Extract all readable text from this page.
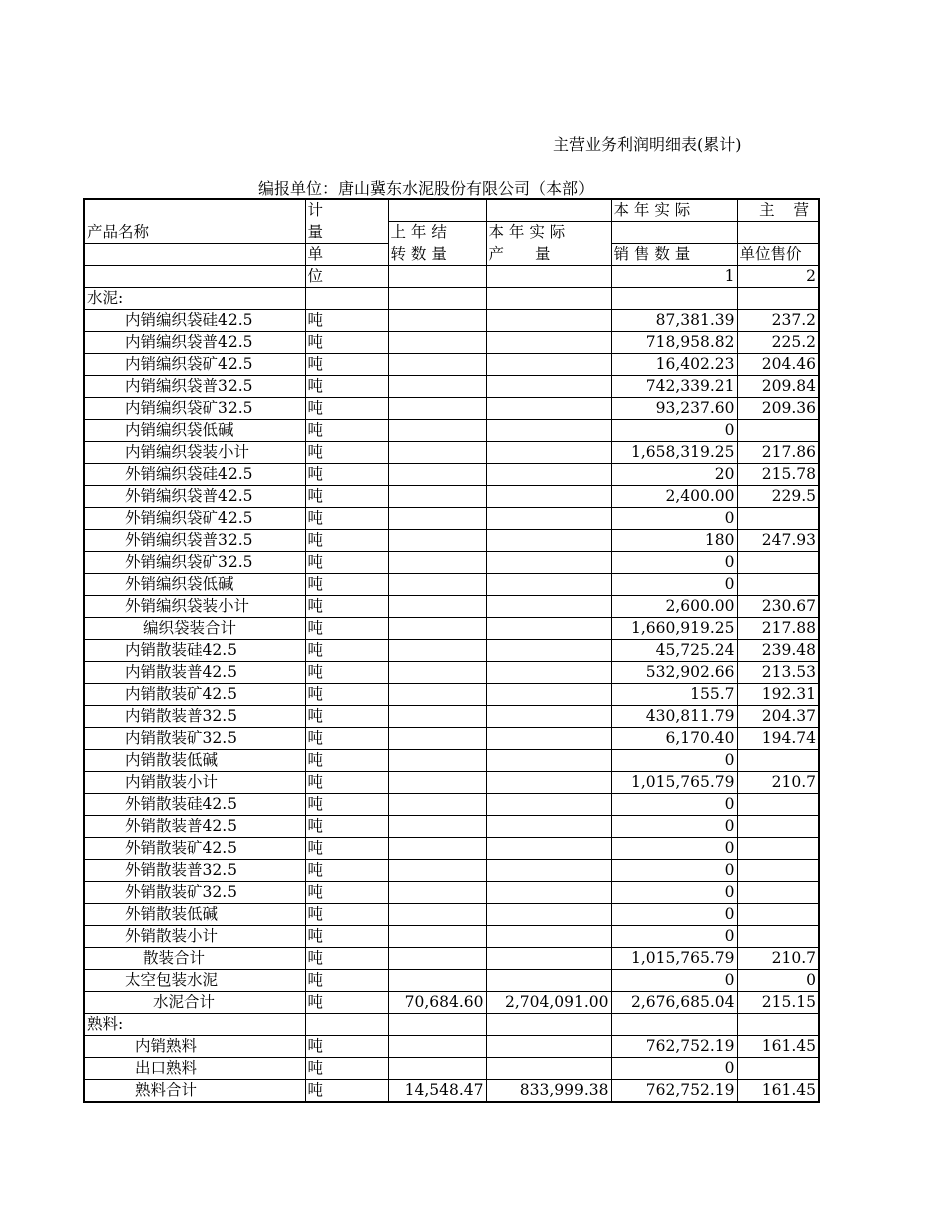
主营业务利润明细表(累计)
编报单位：唐山冀东水泥股份有限公司（本部）
	计			本 年 实 际	主 营
产品名称	量	上 年 结	本 年 实 际		
	单	转 数 量	产　　量	销 售 数 量	单位售价
	位			1	2
水泥:					
内销编织袋硅42.5	吨			87,381.39	237.2
内销编织袋普42.5	吨			718,958.82	225.2
内销编织袋矿42.5	吨			16,402.23	204.46
内销编织袋普32.5	吨			742,339.21	209.84
内销编织袋矿32.5	吨			93,237.60	209.36
内销编织袋低碱	吨			0	
内销编织袋装小计	吨			1,658,319.25	217.86
外销编织袋硅42.5	吨			20	215.78
外销编织袋普42.5	吨			2,400.00	229.5
外销编织袋矿42.5	吨			0	
外销编织袋普32.5	吨			180	247.93
外销编织袋矿32.5	吨			0	
外销编织袋低碱	吨			0	
外销编织袋装小计	吨			2,600.00	230.67
编织袋装合计	吨			1,660,919.25	217.88
内销散装硅42.5	吨			45,725.24	239.48
内销散装普42.5	吨			532,902.66	213.53
内销散装矿42.5	吨			155.7	192.31
内销散装普32.5	吨			430,811.79	204.37
内销散装矿32.5	吨			6,170.40	194.74
内销散装低碱	吨			0	
内销散装小计	吨			1,015,765.79	210.7
外销散装硅42.5	吨			0	
外销散装普42.5	吨			0	
外销散装矿42.5	吨			0	
外销散装普32.5	吨			0	
外销散装矿32.5	吨			0	
外销散装低碱	吨			0	
外销散装小计	吨			0	
散装合计	吨			1,015,765.79	210.7
太空包装水泥	吨			0	0
水泥合计	吨	70,684.60	2,704,091.00	2,676,685.04	215.15
熟料:					
内销熟料	吨			762,752.19	161.45
出口熟料	吨			0	
熟料合计	吨	14,548.47	833,999.38	762,752.19	161.45
